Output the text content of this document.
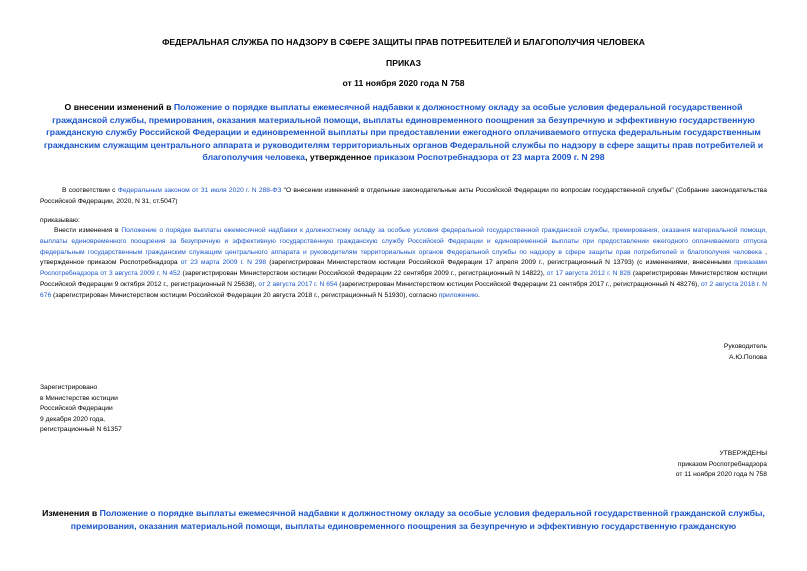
ФЕДЕРАЛЬНАЯ СЛУЖБА ПО НАДЗОРУ В СФЕРЕ ЗАЩИТЫ ПРАВ ПОТРЕБИТЕЛЕЙ И БЛАГОПОЛУЧИЯ ЧЕЛОВЕКА
ПРИКАЗ
от 11 ноября 2020 года N 758
О внесении изменений в Положение о порядке выплаты ежемесячной надбавки к должностному окладу за особые условия федеральной государственной гражданской службы, премирования, оказания материальной помощи, выплаты единовременного поощрения за безупречную и эффективную государственную гражданскую службу Российской Федерации и единовременной выплаты при предоставлении ежегодного оплачиваемого отпуска федеральным государственным гражданским служащим центрального аппарата и руководителям территориальных органов Федеральной службы по надзору в сфере защиты прав потребителей и благополучия человека, утвержденное приказом Роспотребнадзора от 23 марта 2009 г. N 298
В соответствии с Федеральным законом от 31 июля 2020 г. N 288-ФЗ "О внесении изменений в отдельные законодательные акты Российской Федерации по вопросам государственной службы" (Собрание законодательства Российской Федерации, 2020, N 31, ст.5047)
приказываю:
Внести изменения в Положение о порядке выплаты ежемесячной надбавки к должностному окладу за особые условия федеральной государственной гражданской службы, премирования, оказания материальной помощи, выплаты единовременного поощрения за безупречную и эффективную государственную гражданскую службу Российской Федерации и единовременной выплаты при предоставлении ежегодного оплачиваемого отпуска федеральным государственным гражданским служащим центрального аппарата и руководителям территориальных органов Федеральной службы по надзору в сфере защиты прав потребителей и благополучия человека , утвержденное приказом Роспотребнадзора от 23 марта 2009 г. N 298 (зарегистрирован Министерством юстиции Российской Федерации 17 апреля 2009 г., регистрационный N 13793) (с изменениями, внесенными приказами Роспотребнадзора от 3 августа 2009 г. N 452 (зарегистрирован Министерством юстиции Российской Федерации 22 сентября 2009 г., регистрационный N 14822), от 17 августа 2012 г. N 828 (зарегистрирован Министерством юстиции Российской Федерации 9 октября 2012 г., регистрационный N 25638), от 2 августа 2017 г. N 654 (зарегистрирован Министерством юстиции Российской Федерации 21 сентября 2017 г., регистрационный N 48276), от 2 августа 2018 г. N 676 (зарегистрирован Министерством юстиции Российской Федерации 20 августа 2018 г., регистрационный N 51930), согласно приложению.
Руководитель
А.Ю.Попова
Зарегистрировано
в Министерстве юстиции
Российской Федерации
9 декабря 2020 года,
регистрационный N 61357
УТВЕРЖДЕНЫ
приказом Роспотребнадзора
от 11 ноября 2020 года N 758
Изменения в Положение о порядке выплаты ежемесячной надбавки к должностному окладу за особые условия федеральной государственной гражданской службы, премирования, оказания материальной помощи, выплаты единовременного поощрения за безупречную и эффективную государственную гражданскую
